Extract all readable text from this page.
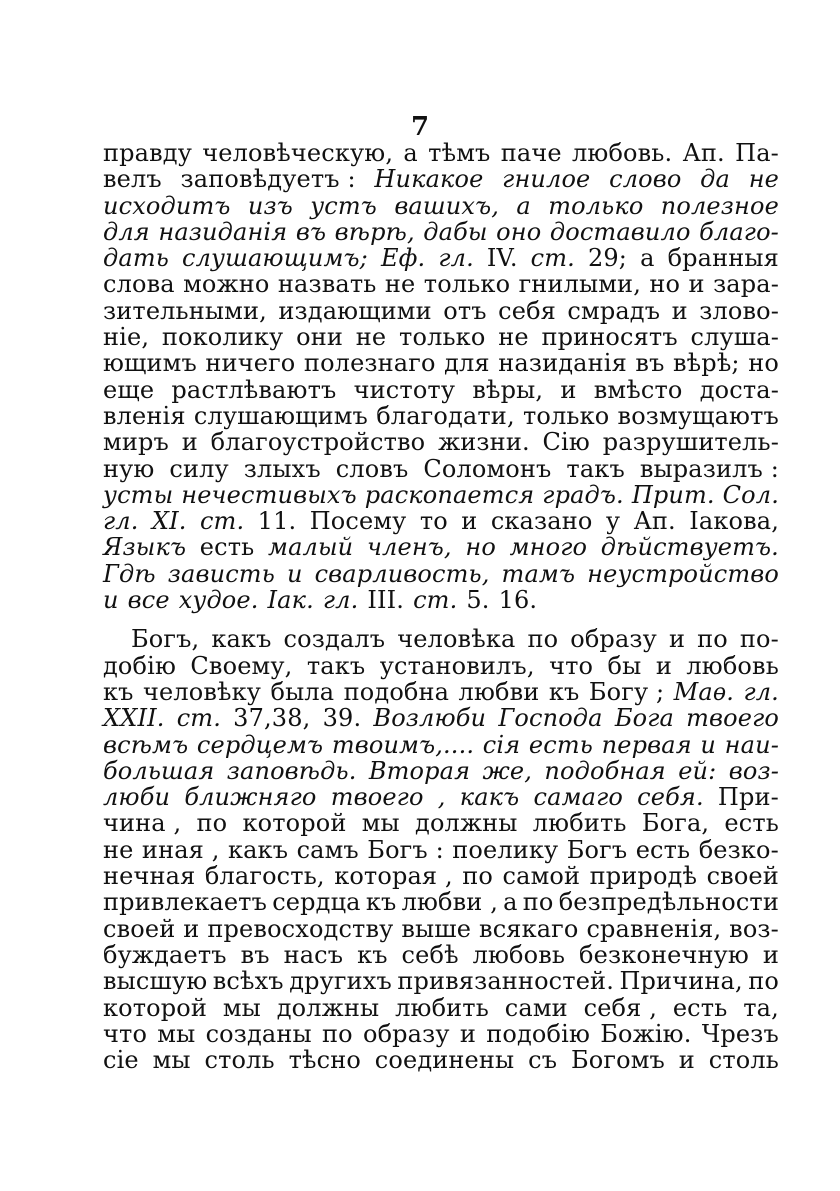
7
правду человѣческую, а тѣмъ паче любовь. Ап. Па-
велъ заповѣдуетъ : Никакое гнилое слово да не
исходитъ изъ устъ вашихъ, а только полезное
для назиданія въ вѣрѣ, дабы оно доставило благо-
дать слушающимъ; Еф. гл. IV. ст. 29; а бранныя
слова можно назвать не только гнилыми, но и зара-
зительными, издающими отъ себя смрадъ и злово-
ніе, поколику они не только не приносятъ слуша-
ющимъ ничего полезнаго для назиданія въ вѣрѣ; но
еще растлѣваютъ чистоту вѣры, и вмѣсто доста-
вленія слушающимъ благодати, только возмущаютъ
миръ и благоустройство жизни. Сію разрушитель-
ную силу злыхъ словъ Соломонъ такъ выразилъ :
усты нечестивыхъ раскопается градъ. Прит. Сол.
гл. XI. ст. 11. Посему то и сказано у Ап. Іакова,
Языкъ есть малый членъ, но много дѣйствуетъ.
Гдѣ зависть и сварливость, тамъ неустройство
и все худое. Іак. гл. III. ст. 5. 16.
Богъ, какъ создалъ человѣка по образу и по по-
добію Своему, такъ установилъ, что бы и любовь
къ человѣку была подобна любви къ Богу ; Маѳ. гл.
XXII. ст. 37,38, 39. Возлюби Господа Бога твоего
всѣмъ сердцемъ твоимъ,.... сія есть первая и наи-
большая заповѣдь. Вторая же, подобная ей: воз-
люби ближняго твоего , какъ самаго себя. При-
чина , по которой мы должны любить Бога, есть
не иная , какъ самъ Богъ : поелику Богъ есть безко-
нечная благость, которая , по самой природѣ своей
привлекаетъ сердца къ любви , а по безпредѣльности
своей и превосходству выше всякаго сравненія, воз-
буждаетъ въ насъ къ себѣ любовь безконечную и
высшую всѣхъ другихъ привязанностей. Причина, по
которой мы должны любить сами себя , есть та,
что мы созданы по образу и подобію Божію. Чрезъ
сіе мы столь тѣсно соединены съ Богомъ и столь
